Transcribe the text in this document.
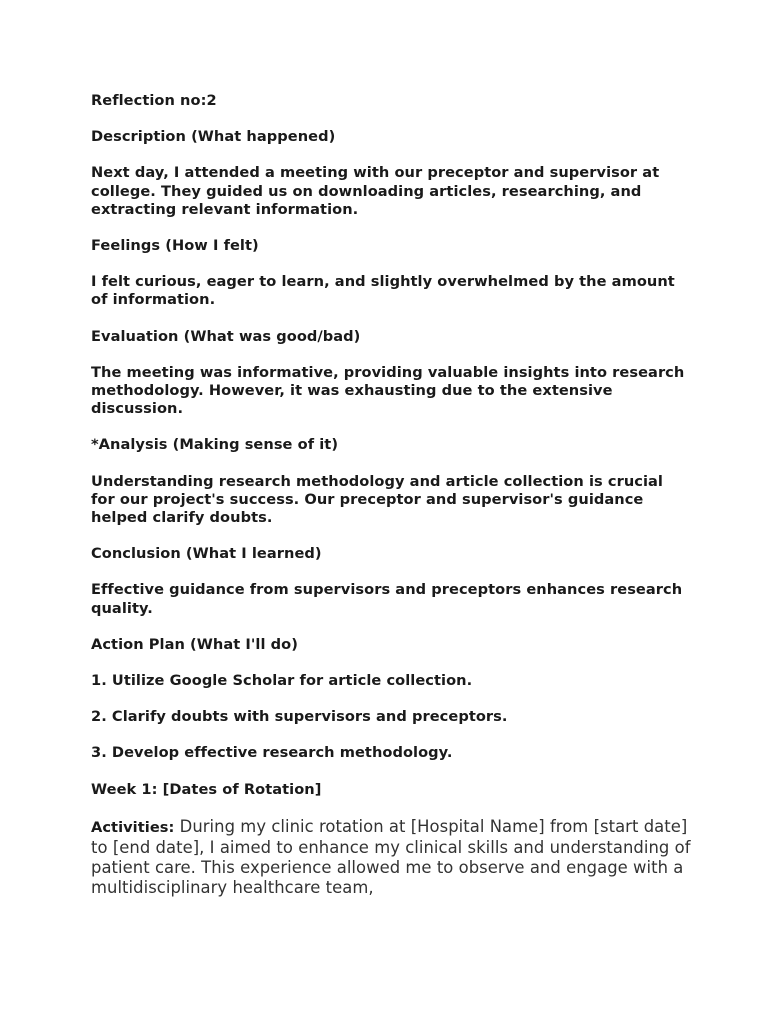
Reflection no:2

Description (What happened)

Next day, I attended a meeting with our preceptor and supervisor at college. They guided us on downloading articles, researching, and extracting relevant information.

Feelings (How I felt)

I felt curious, eager to learn, and slightly overwhelmed by the amount of information.

Evaluation (What was good/bad)

The meeting was informative, providing valuable insights into research methodology. However, it was exhausting due to the extensive discussion.

*Analysis (Making sense of it)

Understanding research methodology and article collection is crucial for our project's success. Our preceptor and supervisor's guidance helped clarify doubts.

Conclusion (What I learned)

Effective guidance from supervisors and preceptors enhances research quality.

Action Plan (What I'll do)

1. Utilize Google Scholar for article collection.

2. Clarify doubts with supervisors and preceptors.

3. Develop effective research methodology.

Week 1: [Dates of Rotation]

Activities: During my clinic rotation at [Hospital Name] from [start date] to [end date], I aimed to enhance my clinical skills and understanding of patient care. This experience allowed me to observe and engage with a multidisciplinary healthcare team,
